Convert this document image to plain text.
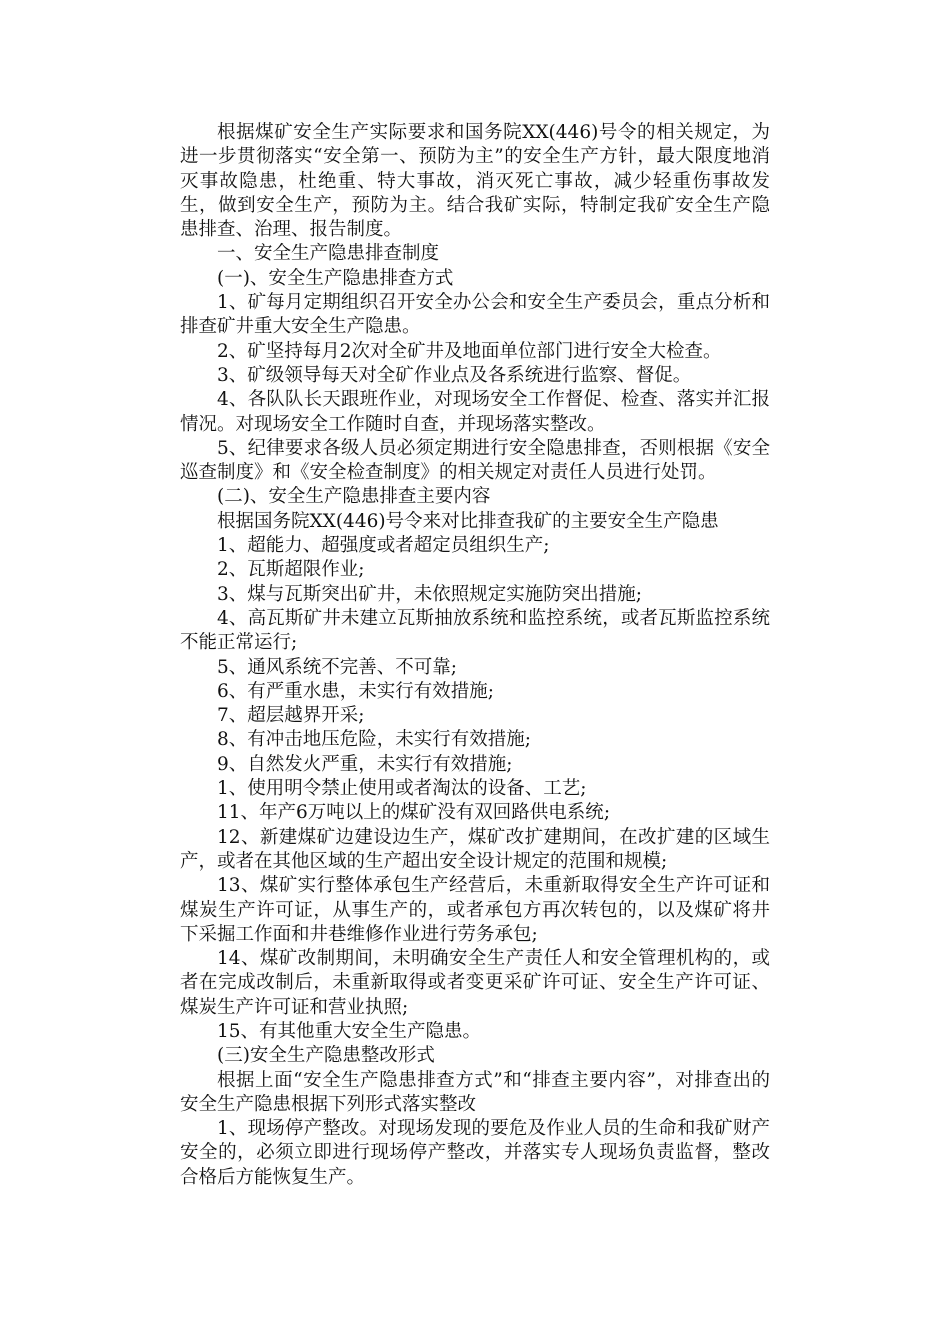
根据煤矿安全生产实际要求和国务院XX(446)号令的相关规定，为进一步贯彻落实“安全第一、预防为主”的安全生产方针，最大限度地消灭事故隐患，杜绝重、特大事故，消灭死亡事故，减少轻重伤事故发生，做到安全生产，预防为主。结合我矿实际，特制定我矿安全生产隐患排查、治理、报告制度。

一、安全生产隐患排查制度

(一)、安全生产隐患排查方式

1、矿每月定期组织召开安全办公会和安全生产委员会，重点分析和排查矿井重大安全生产隐患。

2、矿坚持每月2次对全矿井及地面单位部门进行安全大检查。

3、矿级领导每天对全矿作业点及各系统进行监察、督促。

4、各队队长天跟班作业，对现场安全工作督促、检查、落实并汇报情况。对现场安全工作随时自查，并现场落实整改。

5、纪律要求各级人员必须定期进行安全隐患排查，否则根据《安全巡查制度》和《安全检查制度》的相关规定对责任人员进行处罚。

(二)、安全生产隐患排查主要内容

根据国务院XX(446)号令来对比排查我矿的主要安全生产隐患

1、超能力、超强度或者超定员组织生产;

2、瓦斯超限作业;

3、煤与瓦斯突出矿井，未依照规定实施防突出措施;

4、高瓦斯矿井未建立瓦斯抽放系统和监控系统，或者瓦斯监控系统不能正常运行;

5、通风系统不完善、不可靠;

6、有严重水患，未实行有效措施;

7、超层越界开采;

8、有冲击地压危险，未实行有效措施;

9、自然发火严重，未实行有效措施;

1、使用明令禁止使用或者淘汰的设备、工艺;

11、年产6万吨以上的煤矿没有双回路供电系统;

12、新建煤矿边建设边生产，煤矿改扩建期间，在改扩建的区域生产，或者在其他区域的生产超出安全设计规定的范围和规模;

13、煤矿实行整体承包生产经营后，未重新取得安全生产许可证和煤炭生产许可证，从事生产的，或者承包方再次转包的，以及煤矿将井下采掘工作面和井巷维修作业进行劳务承包;

14、煤矿改制期间，未明确安全生产责任人和安全管理机构的，或者在完成改制后，未重新取得或者变更采矿许可证、安全生产许可证、煤炭生产许可证和营业执照;

15、有其他重大安全生产隐患。

(三)安全生产隐患整改形式

根据上面“安全生产隐患排查方式”和“排查主要内容”，对排查出的安全生产隐患根据下列形式落实整改

1、现场停产整改。对现场发现的要危及作业人员的生命和我矿财产安全的，必须立即进行现场停产整改，并落实专人现场负责监督，整改合格后方能恢复生产。
